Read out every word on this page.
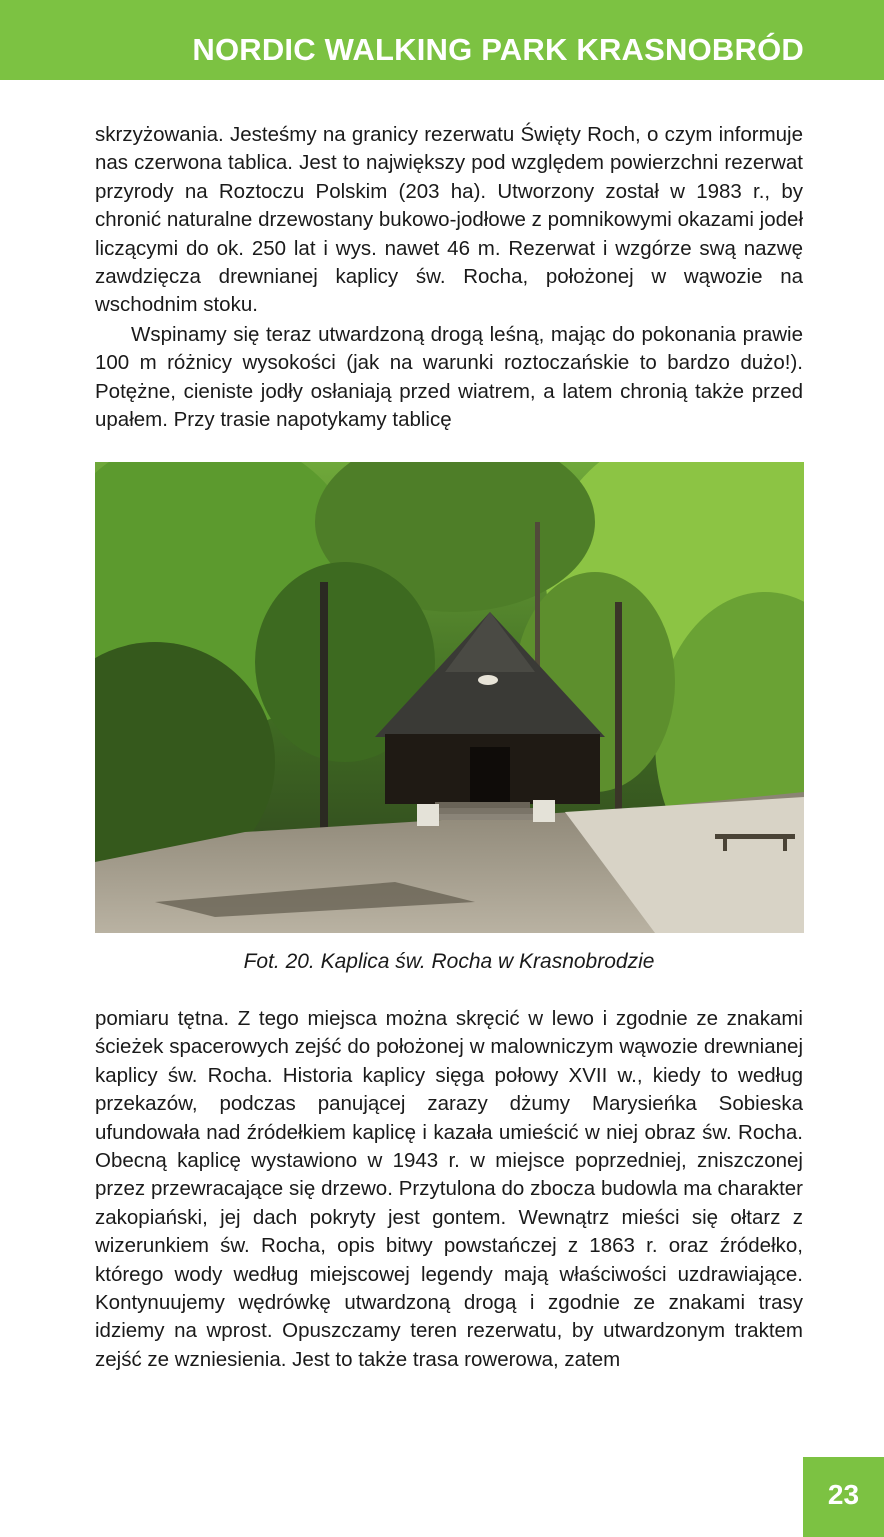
NORDIC WALKING PARK KRASNOBRÓD

skrzyżowania. Jesteśmy na granicy rezerwatu Święty Roch, o czym informuje nas czerwona tablica. Jest to największy pod względem powierzchni rezerwat przyrody na Roztoczu Polskim (203 ha). Utworzony został w 1983 r., by chronić naturalne drzewostany bukowo-jodłowe z pomnikowymi okazami jodeł liczącymi do ok. 250 lat i wys. nawet 46 m. Rezerwat i wzgórze swą nazwę zawdzięcza drewnianej kaplicy św. Rocha, położonej w wąwozie na wschodnim stoku.

Wspinamy się teraz utwardzoną drogą leśną, mając do pokonania prawie 100 m różnicy wysokości (jak na warunki roztoczańskie to bardzo dużo!). Potężne, cieniste jodły osłaniają przed wiatrem, a latem chronią także przed upałem. Przy trasie napotykamy tablicę

Fot. 20. Kaplica św. Rocha w Krasnobrodzie

pomiaru tętna. Z tego miejsca można skręcić w lewo i zgodnie ze znakami ścieżek spacerowych zejść do położonej w malowniczym wąwozie drewnianej kaplicy św. Rocha. Historia kaplicy sięga połowy XVII w., kiedy to według przekazów, podczas panującej zarazy dżumy Marysieńka Sobieska ufundowała nad źródełkiem kaplicę i kazała umieścić w niej obraz św. Rocha. Obecną kaplicę wystawiono w 1943 r. w miejsce poprzedniej, zniszczonej przez przewracające się drzewo. Przytulona do zbocza budowla ma charakter zakopiański, jej dach pokryty jest gontem. Wewnątrz mieści się ołtarz z wizerunkiem św. Rocha, opis bitwy powstańczej z 1863 r. oraz źródełko, którego wody według miejscowej legendy mają właściwości uzdrawiające. Kontynuujemy wędrówkę utwardzoną drogą i zgodnie ze znakami trasy idziemy na wprost. Opuszczamy teren rezerwatu, by utwardzonym traktem zejść ze wzniesienia. Jest to także trasa rowerowa, zatem

23
